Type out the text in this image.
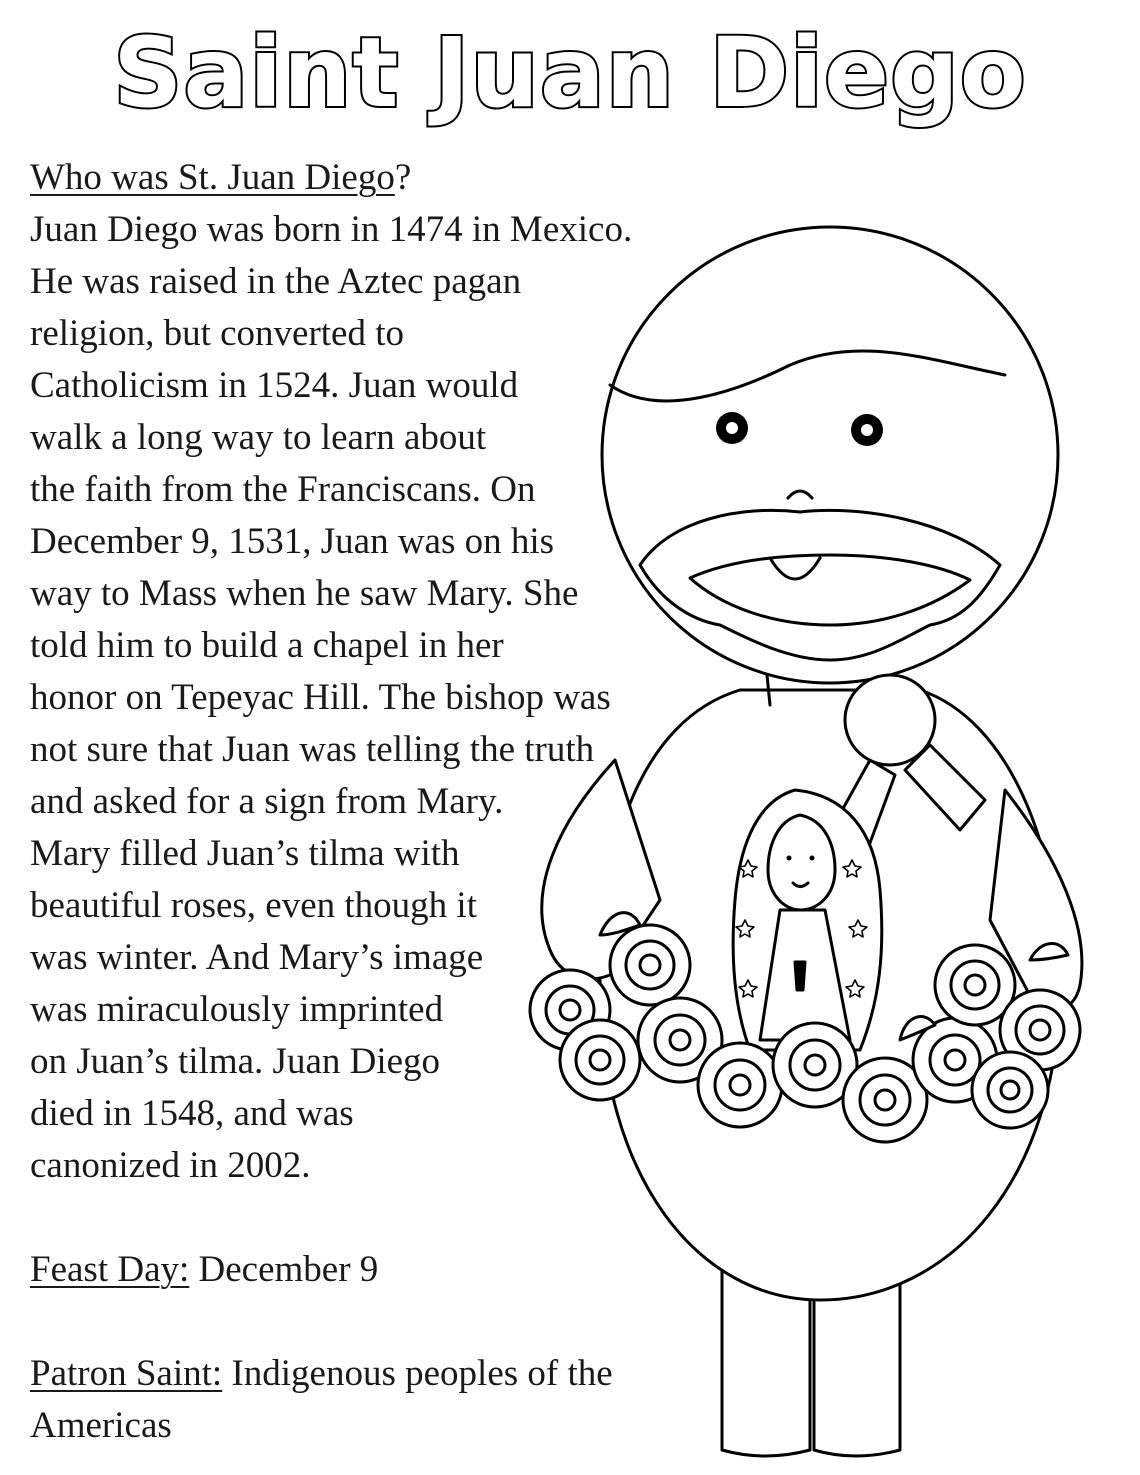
Saint Juan Diego
Who was St. Juan Diego?
Juan Diego was born in 1474 in Mexico.
He was raised in the Aztec pagan
religion, but converted to
Catholicism in 1524. Juan would
walk a long way to learn about
the faith from the Franciscans. On
December 9, 1531, Juan was on his
way to Mass when he saw Mary. She
told him to build a chapel in her
honor on Tepeyac Hill. The bishop was
not sure that Juan was telling the truth
and asked for a sign from Mary.
Mary filled Juan’s tilma with
beautiful roses, even though it
was winter. And Mary’s image
was miraculously imprinted
on Juan’s tilma. Juan Diego
died in 1548, and was
canonized in 2002.

Feast Day: December 9

Patron Saint: Indigenous peoples of the
Americas
